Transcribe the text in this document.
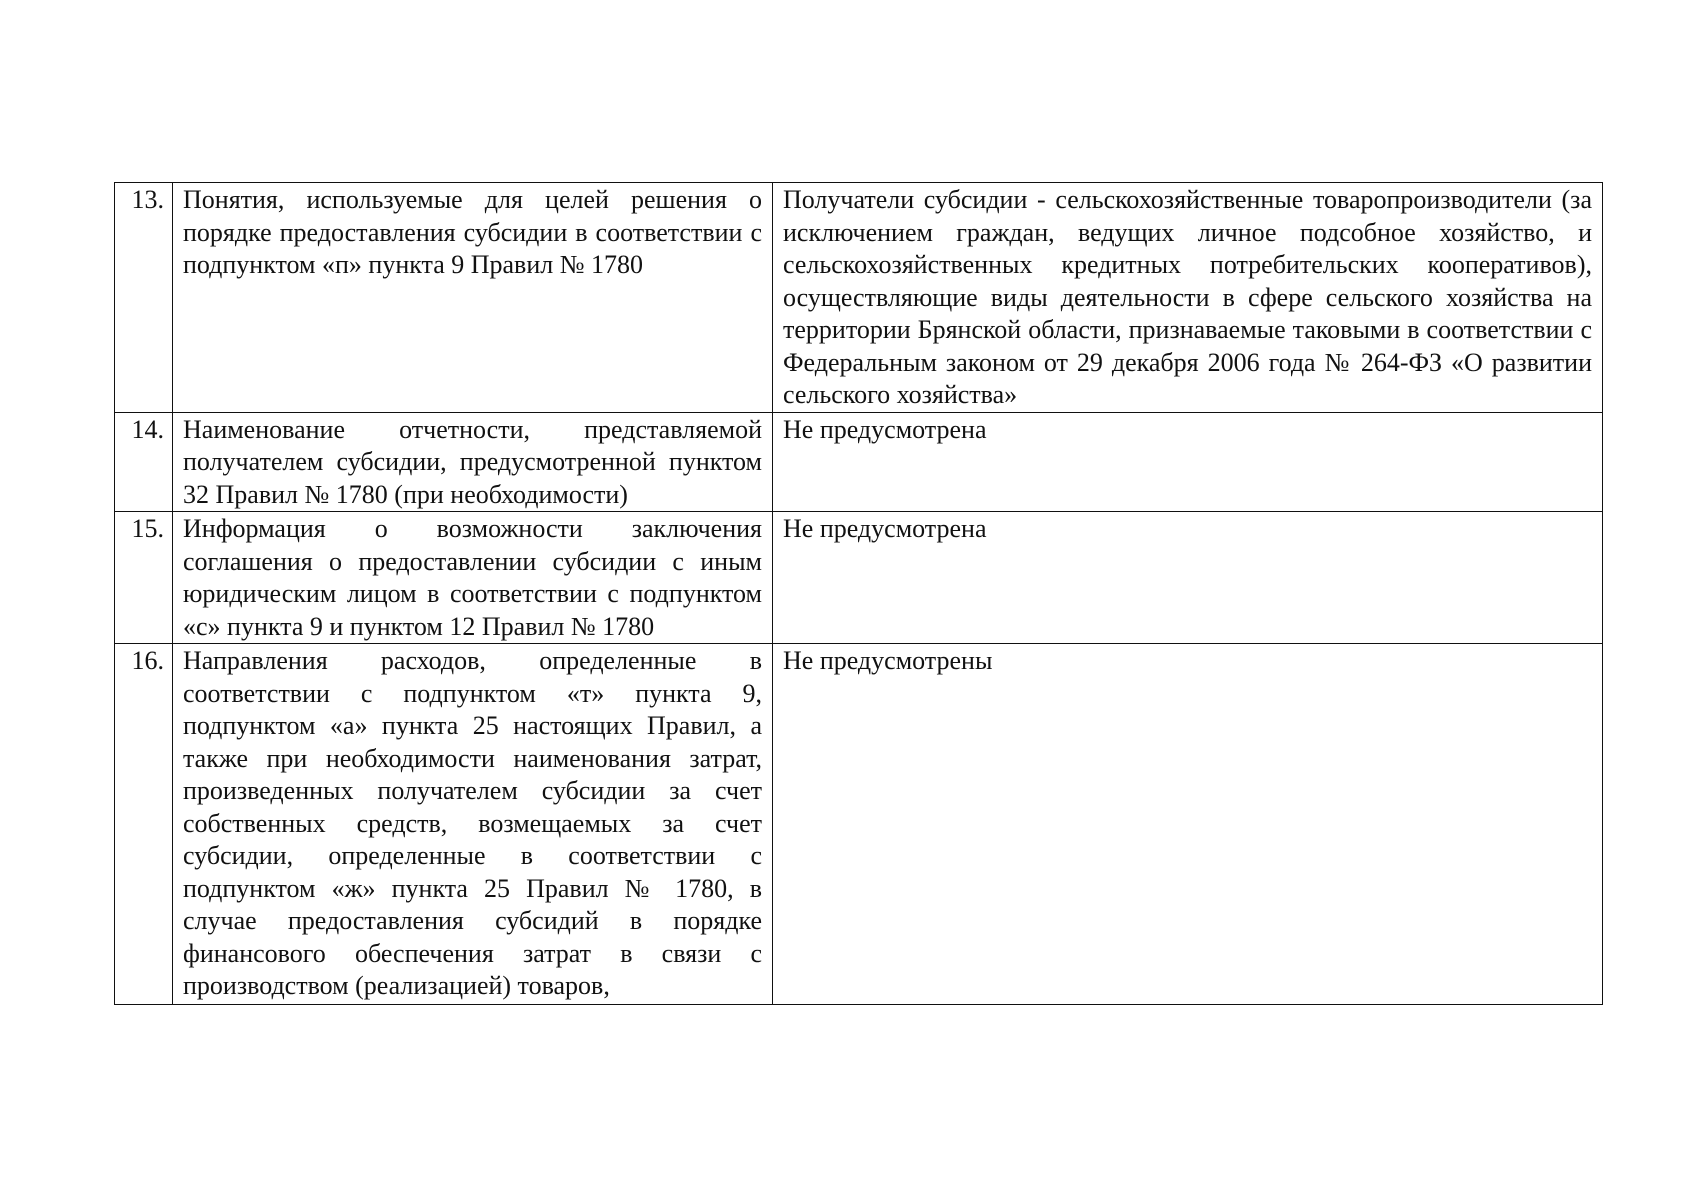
13.	Понятия, используемые для целей решения о порядке предоставления субсидии в соответствии с подпунктом «п» пункта 9 Правил № 1780	Получатели субсидии - сельскохозяйственные товаропроизводители (за исключением граждан, ведущих личное подсобное хозяйство, и сельскохозяйственных кредитных потребительских кооперативов), осуществляющие виды деятельности в сфере сельского хозяйства на территории Брянской области, признаваемые таковыми в соответствии с Федеральным законом от 29 декабря 2006 года № 264-ФЗ «О развитии сельского хозяйства»
14.	Наименование отчетности, представляемой получателем субсидии, предусмотренной пунктом 32 Правил № 1780 (при необходимости)	Не предусмотрена
15.	Информация о возможности заключения соглашения о предоставлении субсидии с иным юридическим лицом в соответствии с подпунктом «с» пункта 9 и пунктом 12 Правил № 1780	Не предусмотрена
16.	Направления расходов, определенные в соответствии с подпунктом «т» пункта 9, подпунктом «а» пункта 25 настоящих Правил, а также при необходимости наименования затрат, произведенных получателем субсидии за счет собственных средств, возмещаемых за счет субсидии, определенные в соответствии с подпунктом «ж» пункта 25 Правил № 1780, в случае предоставления субсидий в порядке финансового обеспечения затрат в связи с производством (реализацией) товаров,	Не предусмотрены
